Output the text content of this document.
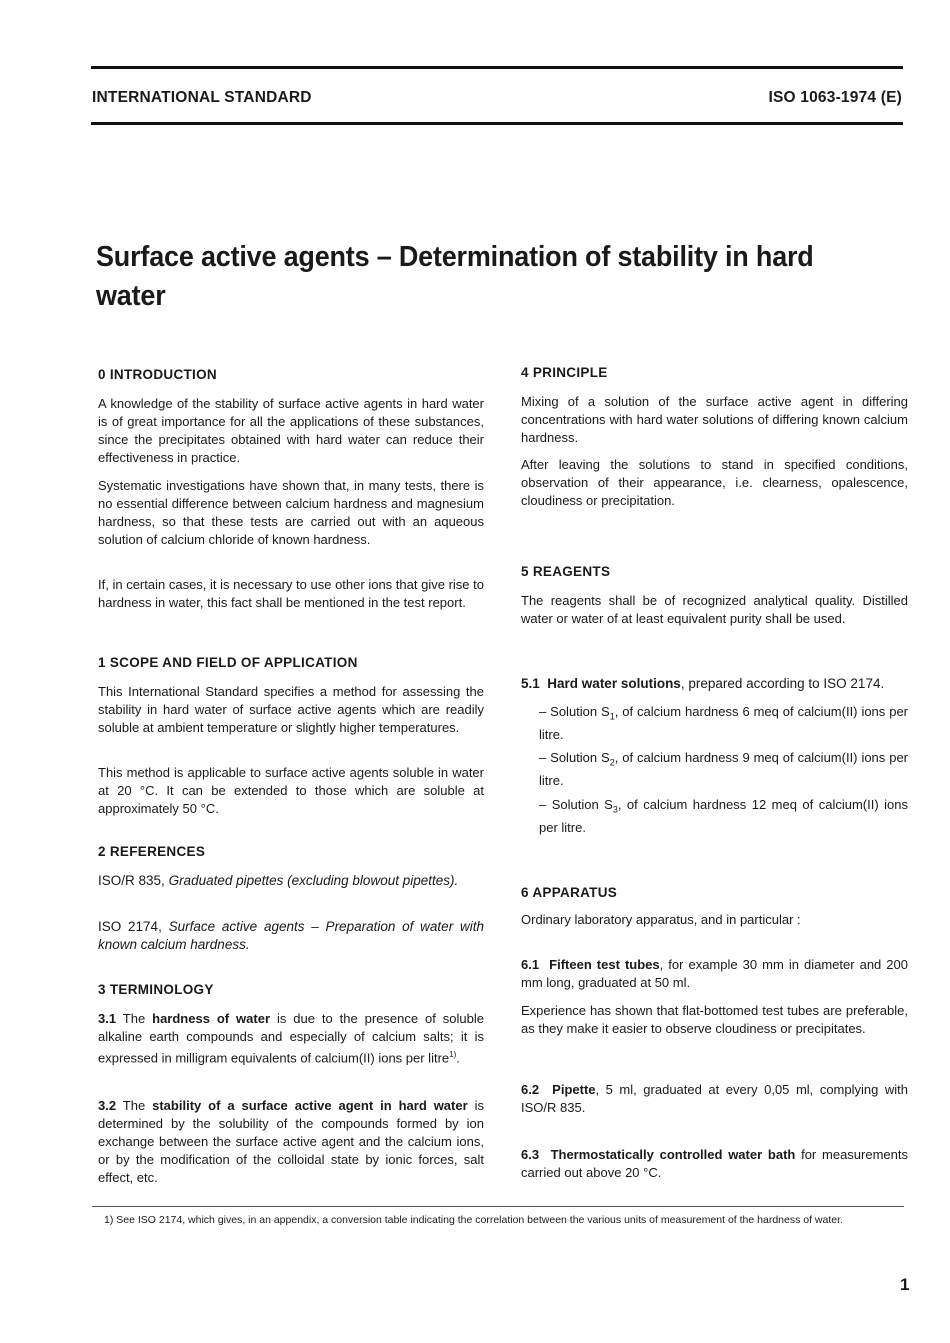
INTERNATIONAL STANDARD	ISO 1063-1974 (E)
Surface active agents – Determination of stability in hard water

0 INTRODUCTION

A knowledge of the stability of surface active agents in hard water is of great importance for all the applications of these substances, since the precipitates obtained with hard water can reduce their effectiveness in practice.

Systematic investigations have shown that, in many tests, there is no essential difference between calcium hardness and magnesium hardness, so that these tests are carried out with an aqueous solution of calcium chloride of known hardness.

If, in certain cases, it is necessary to use other ions that give rise to hardness in water, this fact shall be mentioned in the test report.

1 SCOPE AND FIELD OF APPLICATION

This International Standard specifies a method for assessing the stability in hard water of surface active agents which are readily soluble at ambient temperature or slightly higher temperatures.

This method is applicable to surface active agents soluble in water at 20 °C. It can be extended to those which are soluble at approximately 50 °C.

2 REFERENCES

ISO/R 835, Graduated pipettes (excluding blowout pipettes).

ISO 2174, Surface active agents – Preparation of water with known calcium hardness.

3 TERMINOLOGY

3.1 The hardness of water is due to the presence of soluble alkaline earth compounds and especially of calcium salts; it is expressed in milligram equivalents of calcium(II) ions per litre$^{1)}$.

3.2 The stability of a surface active agent in hard water is determined by the solubility of the compounds formed by ion exchange between the surface active agent and the calcium ions, or by the modification of the colloidal state by ionic forces, salt effect, etc.

4 PRINCIPLE

Mixing of a solution of the surface active agent in differing concentrations with hard water solutions of differing known calcium hardness.

After leaving the solutions to stand in specified conditions, observation of their appearance, i.e. clearness, opalescence, cloudiness or precipitation.

5 REAGENTS

The reagents shall be of recognized analytical quality. Distilled water or water of at least equivalent purity shall be used.

5.1 Hard water solutions, prepared according to ISO 2174.

– Solution $S_1$, of calcium hardness 6 meq of calcium(II) ions per litre.

– Solution $S_2$, of calcium hardness 9 meq of calcium(II) ions per litre.

– Solution $S_3$, of calcium hardness 12 meq of calcium(II) ions per litre.

6 APPARATUS

Ordinary laboratory apparatus, and in particular :

6.1 Fifteen test tubes, for example 30 mm in diameter and 200 mm long, graduated at 50 ml.

Experience has shown that flat-bottomed test tubes are preferable, as they make it easier to observe cloudiness or precipitates.

6.2 Pipette, 5 ml, graduated at every 0,05 ml, complying with ISO/R 835.

6.3 Thermostatically controlled water bath for measurements carried out above 20 °C.

1) See ISO 2174, which gives, in an appendix, a conversion table indicating the correlation between the various units of measurement of the hardness of water.
1
